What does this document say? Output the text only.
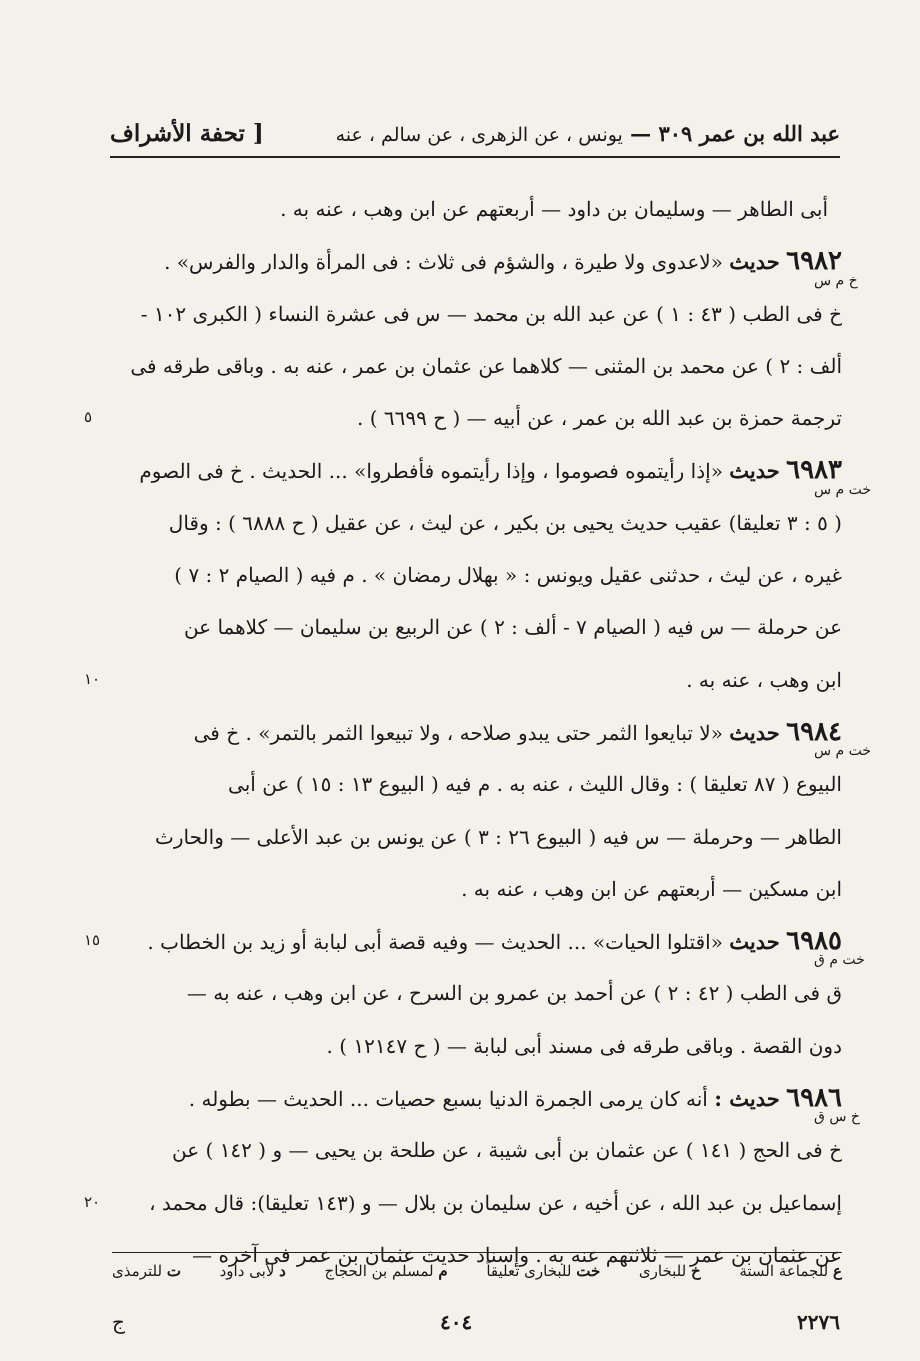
عبد الله بن عمر ٣٠٩ — يونس ، عن الزهرى ، عن سالم ، عنه
[ تحفة الأشراف
أبى الطاهر — وسليمان بن داود — أربعتهم عن ابن وهب ، عنه به .
٦٩٨٢ حديث «لاعدوى ولا طيرة ، والشؤم فى ثلاث : فى المرأة والدار والفرس» .
خ م س
خ فى الطب ( ٤٣ : ١ ) عن عبد الله بن محمد — س فى عشرة النساء ( الكبرى ١٠٢ -
ألف : ٢ ) عن محمد بن المثنى — كلاهما عن عثمان بن عمر ، عنه به . وباقى طرقه فى
ترجمة حمزة بن عبد الله بن عمر ، عن أبيه — ( ح ٦٦٩٩ ) .
٦٩٨٣ حديث «إذا رأيتموه فصوموا ، وإذا رأيتموه فأفطروا» ... الحديث . خ فى الصوم
خت م س
( ٥ : ٣ تعليقا) عقيب حديث يحيى بن بكير ، عن ليث ، عن عقيل ( ح ٦٨٨٨ ) : وقال
غيره ، عن ليث ، حدثنى عقيل ويونس : « بهلال رمضان » . م فيه ( الصيام ٢ : ٧ )
عن حرملة — س فيه ( الصيام ٧ - ألف : ٢ ) عن الربيع بن سليمان — كلاهما عن
ابن وهب ، عنه به .
٦٩٨٤ حديث «لا تبايعوا الثمر حتى يبدو صلاحه ، ولا تبيعوا الثمر بالتمر» . خ فى
خت م س
البيوع ( ٨٧ تعليقا ) : وقال الليث ، عنه به . م فيه ( البيوع ١٣ : ١٥ ) عن أبى
الطاهر — وحرملة — س فيه ( البيوع ٢٦ : ٣ ) عن يونس بن عبد الأعلى — والحارث
ابن مسكين — أربعتهم عن ابن وهب ، عنه به .
٦٩٨٥ حديث «اقتلوا الحيات» ... الحديث — وفيه قصة أبى لبابة أو زيد بن الخطاب .
خت م ق
ق فى الطب ( ٤٢ : ٢ ) عن أحمد بن عمرو بن السرح ، عن ابن وهب ، عنه به —
دون القصة . وباقى طرقه فى مسند أبى لبابة — ( ح ١٢١٤٧ ) .
٦٩٨٦ حديث : أنه كان يرمى الجمرة الدنيا بسبع حصيات ... الحديث — بطوله .
خ س ق
خ فى الحج ( ١٤١ ) عن عثمان بن أبى شيبة ، عن طلحة بن يحيى — و ( ١٤٢ ) عن
إسماعيل بن عبد الله ، عن أخيه ، عن سليمان بن بلال — و (١٤٣ تعليقا): قال محمد ،
عن عثمان بن عمر — ثلاثتهم عنه به . وإسناد حديث عثمان بن عمر فى آخره —
٥
١٠
١٥
٢٠
ع للجماعة الستة
خ للبخارى
خت للبخارى تعليقاً
م لمسلم بن الحجاج
د لأبى داود
ت للترمذى
٢٢٧٦
٤٠٤
ج
